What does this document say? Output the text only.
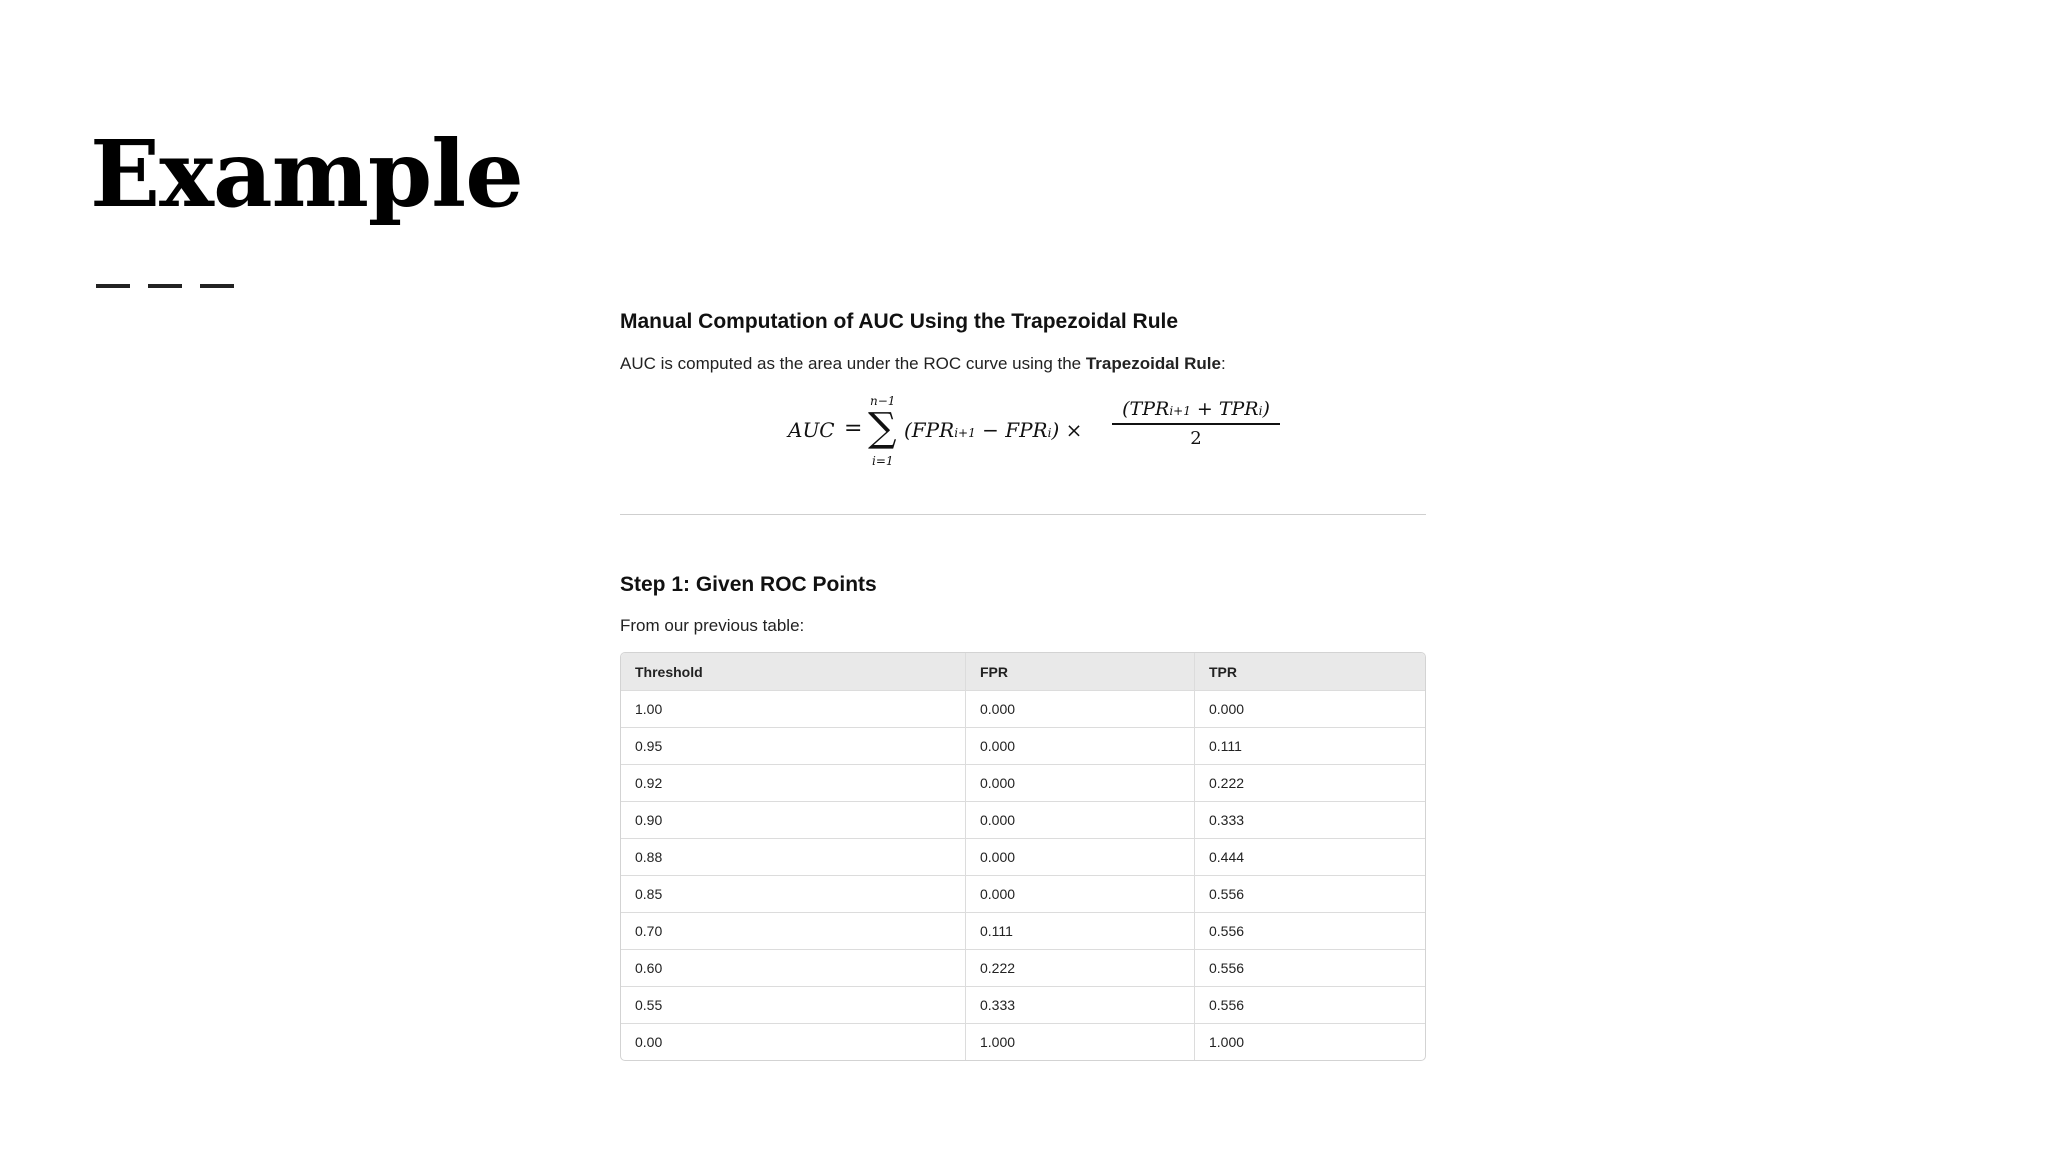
Example
Manual Computation of AUC Using the Trapezoidal Rule

AUC is computed as the area under the ROC curve using the Trapezoidal Rule:

AUC =
n−1
∑
i=1
(FPRi+1 − FPRi) ×
(TPRi+1 + TPRi)
2
Step 1: Given ROC Points

From our previous table:

Threshold	FPR	TPR
1.00	0.000	0.000
0.95	0.000	0.111
0.92	0.000	0.222
0.90	0.000	0.333
0.88	0.000	0.444
0.85	0.000	0.556
0.70	0.111	0.556
0.60	0.222	0.556
0.55	0.333	0.556
0.00	1.000	1.000
